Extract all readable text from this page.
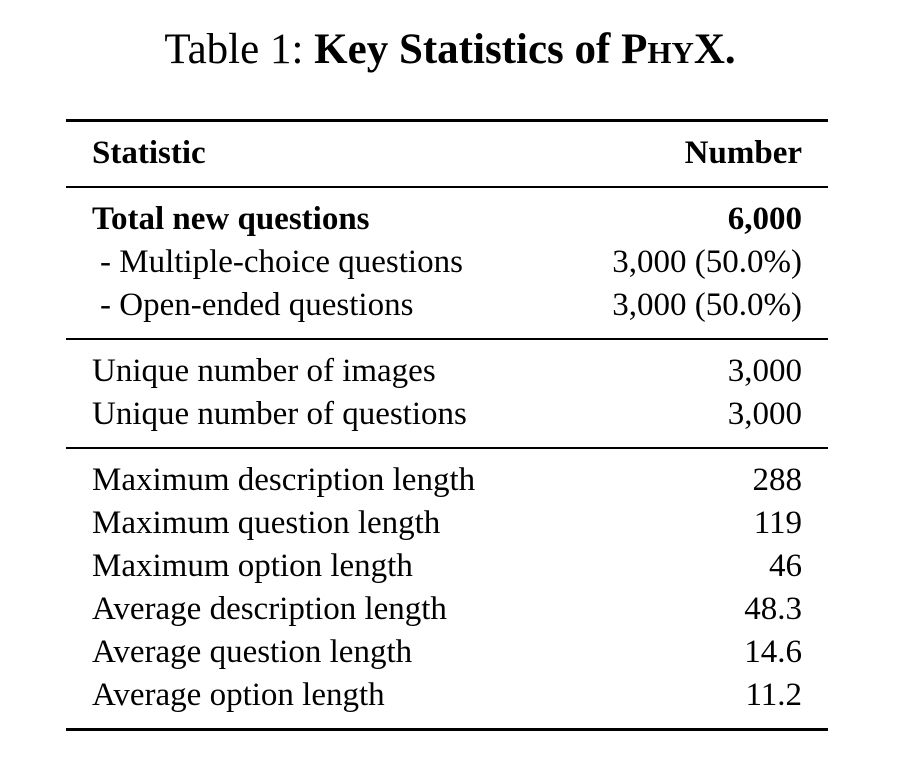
Table 1: Key Statistics of PHYX.
Statistic	Number
Total new questions	6,000
- Multiple-choice questions	3,000 (50.0%)
- Open-ended questions	3,000 (50.0%)
Unique number of images	3,000
Unique number of questions	3,000
Maximum description length	288
Maximum question length	119
Maximum option length	46
Average description length	48.3
Average question length	14.6
Average option length	11.2
